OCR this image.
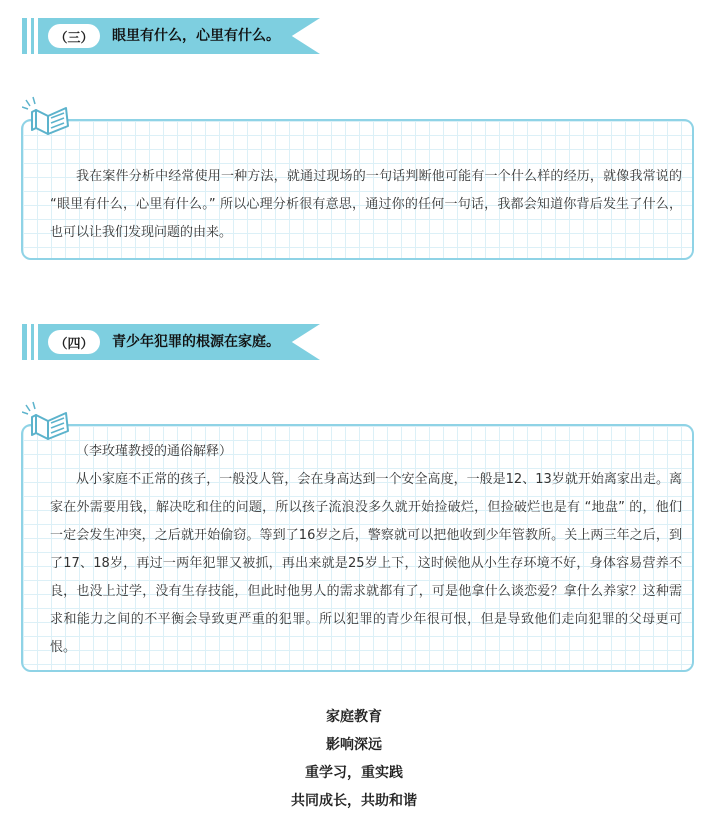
（三）	眼里有什么，心里有什么。
我在案件分析中经常使用一种方法，就通过现场的一句话判断他可能有一个什么样的经历，就像我常说的 “眼里有什么，心里有什么。” 所以心理分析很有意思，通过你的任何一句话，我都会知道你背后发生了什么，也可以让我们发现问题的由来。
（四）	青少年犯罪的根源在家庭。
（李玫瑾教授的通俗解释）
从小家庭不正常的孩子，一般没人管，会在身高达到一个安全高度，一般是12、13岁就开始离家出走。离家在外需要用钱，解决吃和住的问题，所以孩子流浪没多久就开始捡破烂，但捡破烂也是有 “地盘” 的，他们一定会发生冲突，之后就开始偷窃。等到了16岁之后，警察就可以把他收到少年管教所。关上两三年之后，到了17、18岁，再过一两年犯罪又被抓，再出来就是25岁上下，这时候他从小生存环境不好，身体容易营养不良，也没上过学，没有生存技能，但此时他男人的需求就都有了，可是他拿什么谈恋爱？拿什么养家？这种需求和能力之间的不平衡会导致更严重的犯罪。所以犯罪的青少年很可恨，但是导致他们走向犯罪的父母更可恨。
家庭教育
影响深远
重学习，重实践
共同成长，共助和谐
